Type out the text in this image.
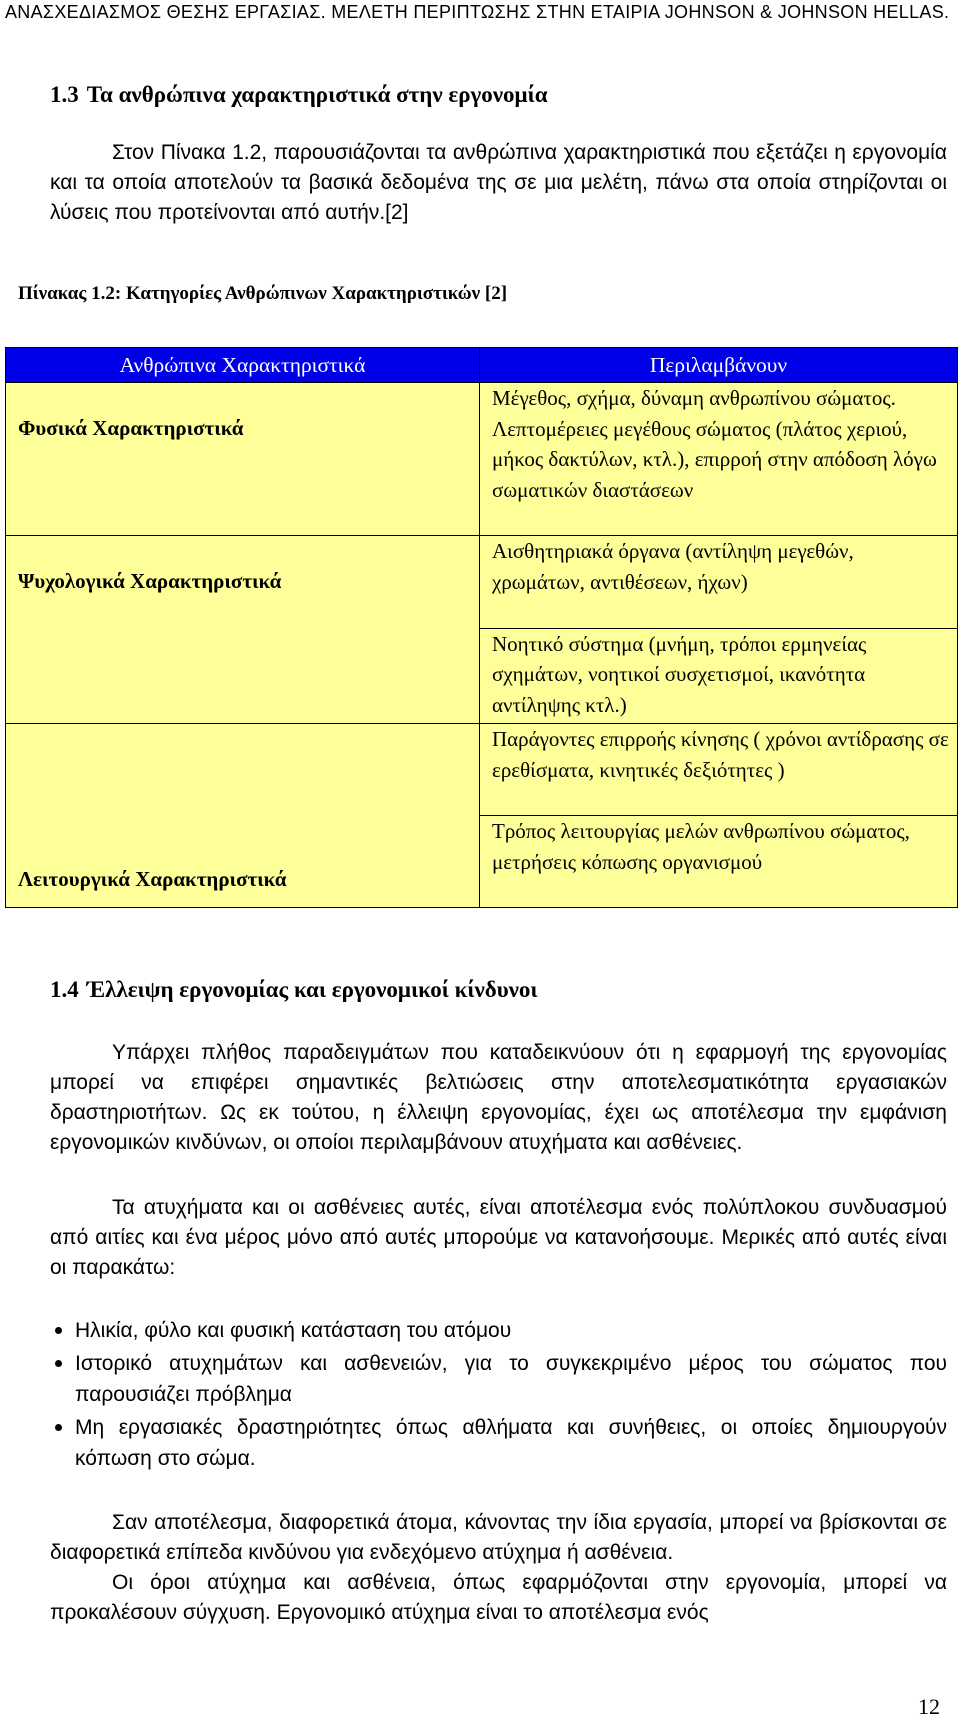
ΑΝΑΣΧΕΔΙΑΣΜΟΣ ΘΕΣΗΣ ΕΡΓΑΣΙΑΣ. ΜΕΛΕΤΗ ΠΕΡΙΠΤΩΣΗΣ ΣΤΗΝ ΕΤΑΙΡΙΑ JOHNSON & JOHNSON HELLAS.
1.3 Τα ανθρώπινα χαρακτηριστικά στην εργονομία

Στον Πίνακα 1.2, παρουσιάζονται τα ανθρώπινα χαρακτηριστικά που εξετάζει η εργονομία και τα οποία αποτελούν τα βασικά δεδομένα της σε μια μελέτη, πάνω στα οποία στηρίζονται οι λύσεις που προτείνονται από αυτήν.[2]

Πίνακας 1.2: Κατηγορίες Ανθρώπινων Χαρακτηριστικών [2]
Ανθρώπινα Χαρακτηριστικά	Περιλαμβάνουν

Φυσικά Χαρακτηριστικά	Μέγεθος, σχήμα, δύναμη ανθρωπίνου σώματος. Λεπτομέρειες μεγέθους σώματος (πλάτος χεριού, μήκος δακτύλων, κτλ.), επιρροή στην απόδοση λόγω σωματικών διαστάσεων

Ψυχολογικά Χαρακτηριστικά	Αισθητηριακά όργανα (αντίληψη μεγεθών, χρωμάτων, αντιθέσεων, ήχων)
	Νοητικό σύστημα (μνήμη, τρόποι ερμηνείας σχημάτων, νοητικοί συσχετισμοί, ικανότητα αντίληψης κτλ.)

Λειτουργικά Χαρακτηριστικά	Παράγοντες επιρροής κίνησης ( χρόνοι αντίδρασης σε ερεθίσματα, κινητικές δεξιότητες )
	Τρόπος λειτουργίας μελών ανθρωπίνου σώματος, μετρήσεις κόπωσης οργανισμού
1.4 Έλλειψη εργονομίας και εργονομικοί κίνδυνοι

Υπάρχει πλήθος παραδειγμάτων που καταδεικνύουν ότι η εφαρμογή της εργονομίας μπορεί να επιφέρει σημαντικές βελτιώσεις στην αποτελεσματικότητα εργασιακών δραστηριοτήτων. Ως εκ τούτου, η έλλειψη εργονομίας, έχει ως αποτέλεσμα την εμφάνιση εργονομικών κινδύνων, οι οποίοι περιλαμβάνουν ατυχήματα και ασθένειες.

Τα ατυχήματα και οι ασθένειες αυτές, είναι αποτέλεσμα ενός πολύπλοκου συνδυασμού από αιτίες και ένα μέρος μόνο από αυτές μπορούμε να κατανοήσουμε. Μερικές από αυτές είναι οι παρακάτω:

Ηλικία, φύλο και φυσική κατάσταση του ατόμου
Ιστορικό ατυχημάτων και ασθενειών, για το συγκεκριμένο μέρος του σώματος που παρουσιάζει πρόβλημα
Μη εργασιακές δραστηριότητες όπως αθλήματα και συνήθειες, οι οποίες δημιουργούν κόπωση στο σώμα.

Σαν αποτέλεσμα, διαφορετικά άτομα, κάνοντας την ίδια εργασία, μπορεί να βρίσκονται σε διαφορετικά επίπεδα κινδύνου για ενδεχόμενο ατύχημα ή ασθένεια.

Οι όροι ατύχημα και ασθένεια, όπως εφαρμόζονται στην εργονομία, μπορεί να προκαλέσουν σύγχυση. Εργονομικό ατύχημα είναι το αποτέλεσμα ενός

12
